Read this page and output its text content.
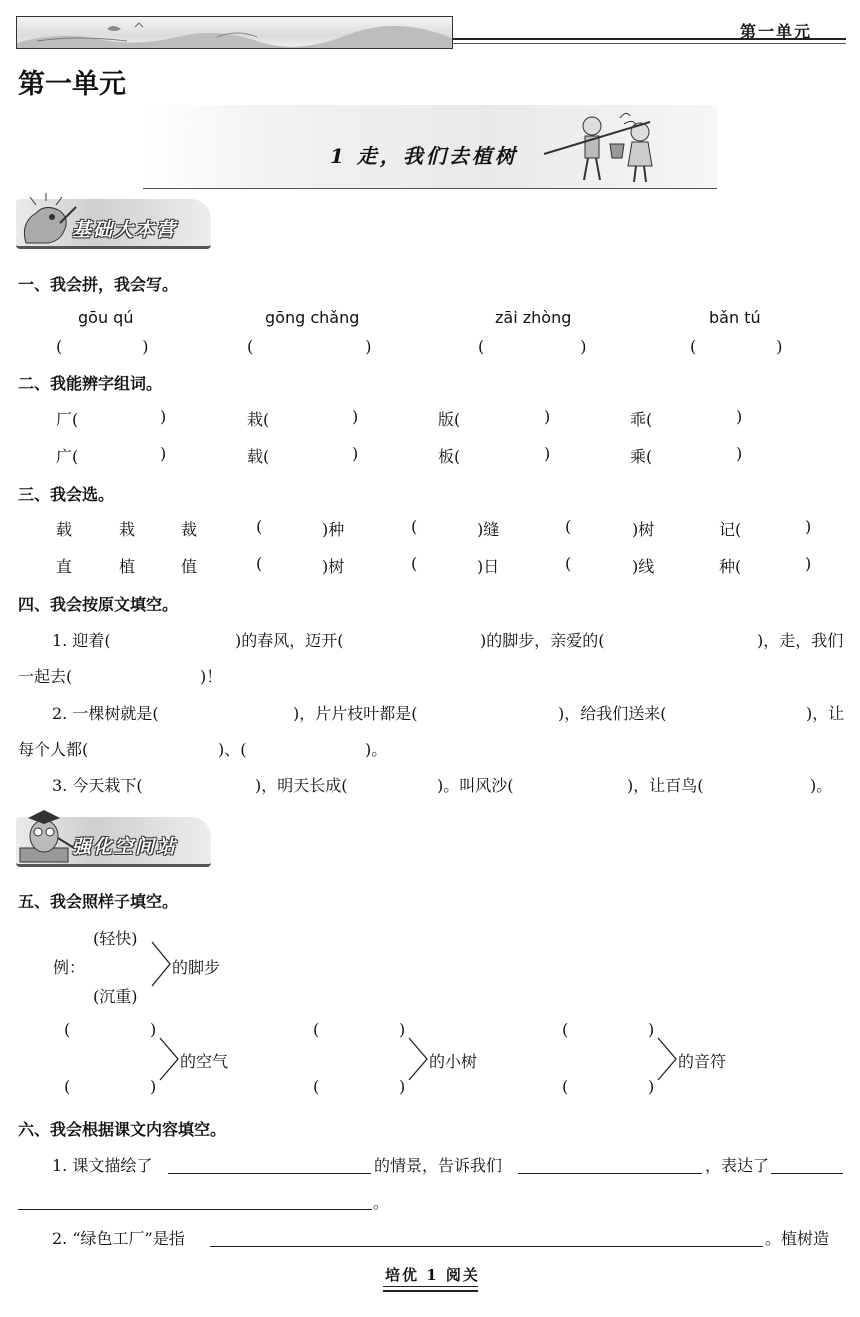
第一单元
第一单元
1 走，我们去植树
基础大本营
一、我会拼，我会写。
gōu qú	gōng chǎng	zāi zhòng	bǎn tú
(　　　　　)	(　　　　　　　)	(　　　　　　)	(　　　　　)
二、我能辨字组词。
厂(	)	栽(	)	版(	)	乖(	)
广(	)	载(	)	板(	)	乘(	)
三、我会选。
载	栽	裁	(	)种	(	)缝	(	)树	记(	)
直	植	值	(	)树	(	)日	(	)线	种(	)
四、我会按原文填空。
1. 迎着(	)的春风，迈开(	)的脚步，亲爱的(	)，走，我们
一起去(	)！
2. 一棵树就是(	)，片片枝叶都是(	)，给我们送来(	)，让
每个人都(	)、(	)。
3. 今天栽下(	)，明天长成(	)。叫风沙(	)，让百鸟(	)。
强化空间站
五、我会照样子填空。
(轻快)
例：
(沉重)
的脚步
(	)
(	)
的空气
(	)
(	)
的小树
(	)
(	)
的音符
六、我会根据课文内容填空。
1. 课文描绘了	的情景，告诉我们	，表达了
。
2. “绿色工厂”是指	。植树造
培优 1 阅关
